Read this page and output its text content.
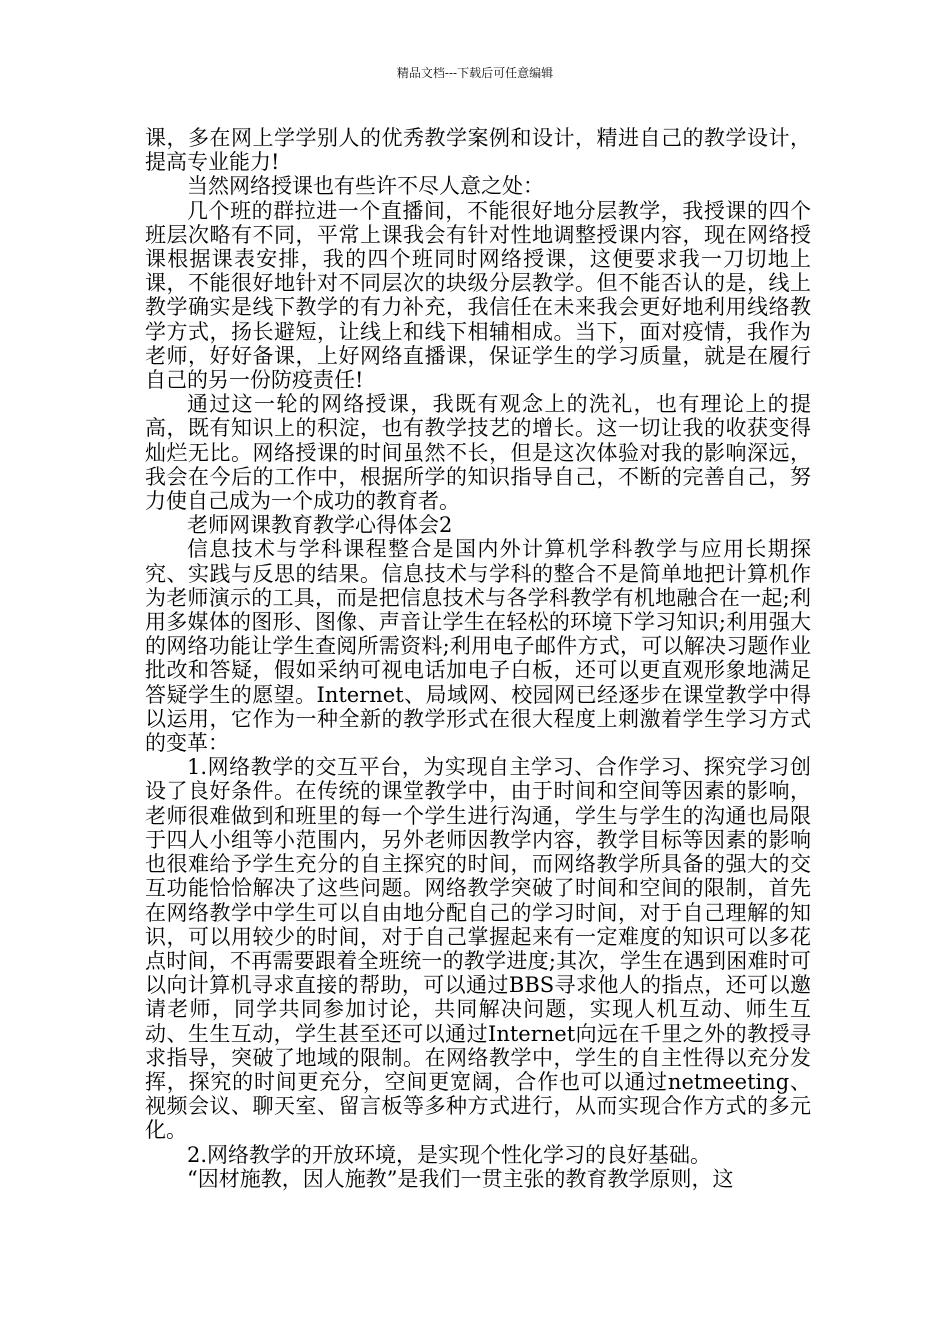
精品文档---下载后可任意编辑

课，多在网上学学别人的优秀教学案例和设计，精进自己的教学设计，提高专业能力!

当然网络授课也有些许不尽人意之处：

几个班的群拉进一个直播间，不能很好地分层教学，我授课的四个班层次略有不同，平常上课我会有针对性地调整授课内容，现在网络授课根据课表安排，我的四个班同时网络授课，这便要求我一刀切地上课，不能很好地针对不同层次的块级分层教学。但不能否认的是，线上教学确实是线下教学的有力补充，我信任在未来我会更好地利用线络教学方式，扬长避短，让线上和线下相辅相成。当下，面对疫情，我作为老师，好好备课，上好网络直播课，保证学生的学习质量，就是在履行自己的另一份防疫责任!

通过这一轮的网络授课，我既有观念上的洗礼，也有理论上的提高，既有知识上的积淀，也有教学技艺的增长。这一切让我的收获变得灿烂无比。网络授课的时间虽然不长，但是这次体验对我的影响深远，我会在今后的工作中，根据所学的知识指导自己，不断的完善自己，努力使自己成为一个成功的教育者。

老师网课教育教学心得体会2

信息技术与学科课程整合是国内外计算机学科教学与应用长期探究、实践与反思的结果。信息技术与学科的整合不是简单地把计算机作为老师演示的工具，而是把信息技术与各学科教学有机地融合在一起;利用多媒体的图形、图像、声音让学生在轻松的环境下学习知识;利用强大的网络功能让学生查阅所需资料;利用电子邮件方式，可以解决习题作业批改和答疑，假如采纳可视电话加电子白板，还可以更直观形象地满足答疑学生的愿望。Internet、局域网、校园网已经逐步在课堂教学中得以运用，它作为一种全新的教学形式在很大程度上刺激着学生学习方式的变革：

1.网络教学的交互平台，为实现自主学习、合作学习、探究学习创设了良好条件。在传统的课堂教学中，由于时间和空间等因素的影响，老师很难做到和班里的每一个学生进行沟通，学生与学生的沟通也局限于四人小组等小范围内，另外老师因教学内容，教学目标等因素的影响也很难给予学生充分的自主探究的时间，而网络教学所具备的强大的交互功能恰恰解决了这些问题。网络教学突破了时间和空间的限制，首先在网络教学中学生可以自由地分配自己的学习时间，对于自己理解的知识，可以用较少的时间，对于自己掌握起来有一定难度的知识可以多花点时间，不再需要跟着全班统一的教学进度;其次，学生在遇到困难时可以向计算机寻求直接的帮助，可以通过BBS寻求他人的指点，还可以邀请老师，同学共同参加讨论，共同解决问题，实现人机互动、师生互动、生生互动，学生甚至还可以通过Internet向远在千里之外的教授寻求指导，突破了地域的限制。在网络教学中，学生的自主性得以充分发挥，探究的时间更充分，空间更宽阔，合作也可以通过netmeeting、视频会议、聊天室、留言板等多种方式进行，从而实现合作方式的多元化。

2.网络教学的开放环境，是实现个性化学习的良好基础。

“因材施教，因人施教”是我们一贯主张的教育教学原则，这
